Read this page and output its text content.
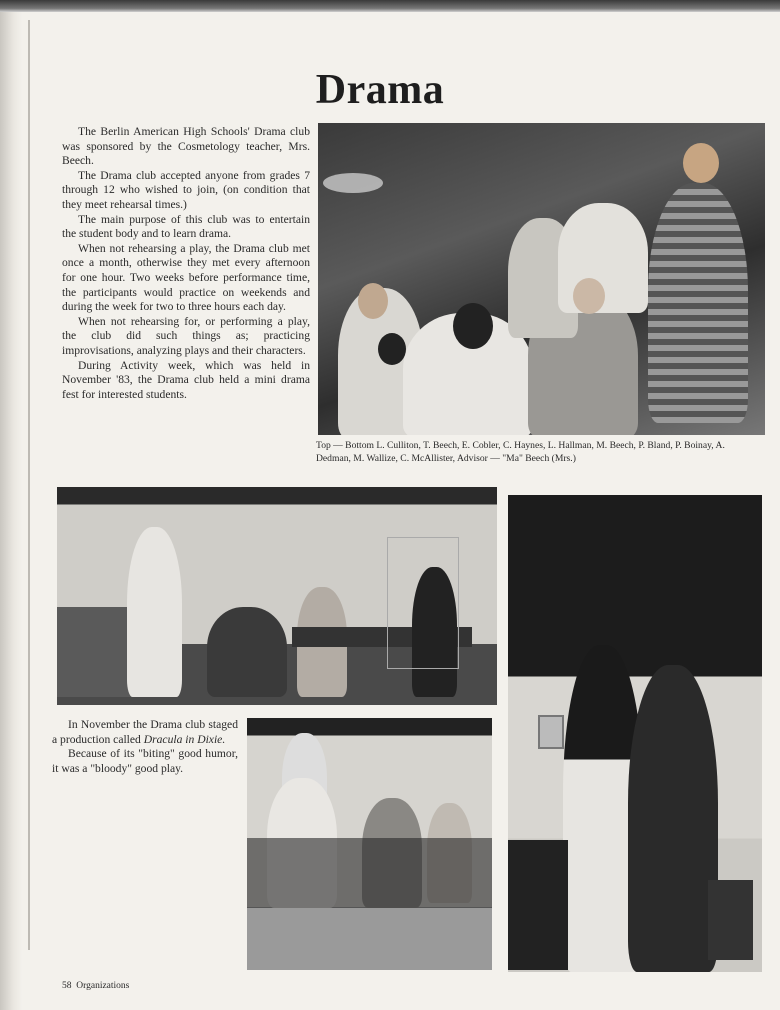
Drama

The Berlin American High Schools' Drama club was sponsored by the Cosmetology teacher, Mrs. Beech.

The Drama club accepted anyone from grades 7 through 12 who wished to join, (on condition that they meet rehearsal times.)

The main purpose of this club was to entertain the student body and to learn drama.

When not rehearsing a play, the Drama club met once a month, otherwise they met every afternoon for one hour. Two weeks before performance time, the participants would practice on weekends and during the week for two to three hours each day.

When not rehearsing for, or performing a play, the club did such things as; practicing improvisations, analyzing plays and their characters.

During Activity week, which was held in November '83, the Drama club held a mini drama fest for interested students.

Top — Bottom L. Culliton, T. Beech, E. Cobler, C. Haynes, L. Hallman, M. Beech, P. Bland, P. Boinay, A. Dedman, M. Wallize, C. McAllister, Advisor — "Ma" Beech (Mrs.)

In November the Drama club staged a production called Dracula in Dixie.

Because of its "biting" good humor, it was a "bloody" good play.

58 Organizations
